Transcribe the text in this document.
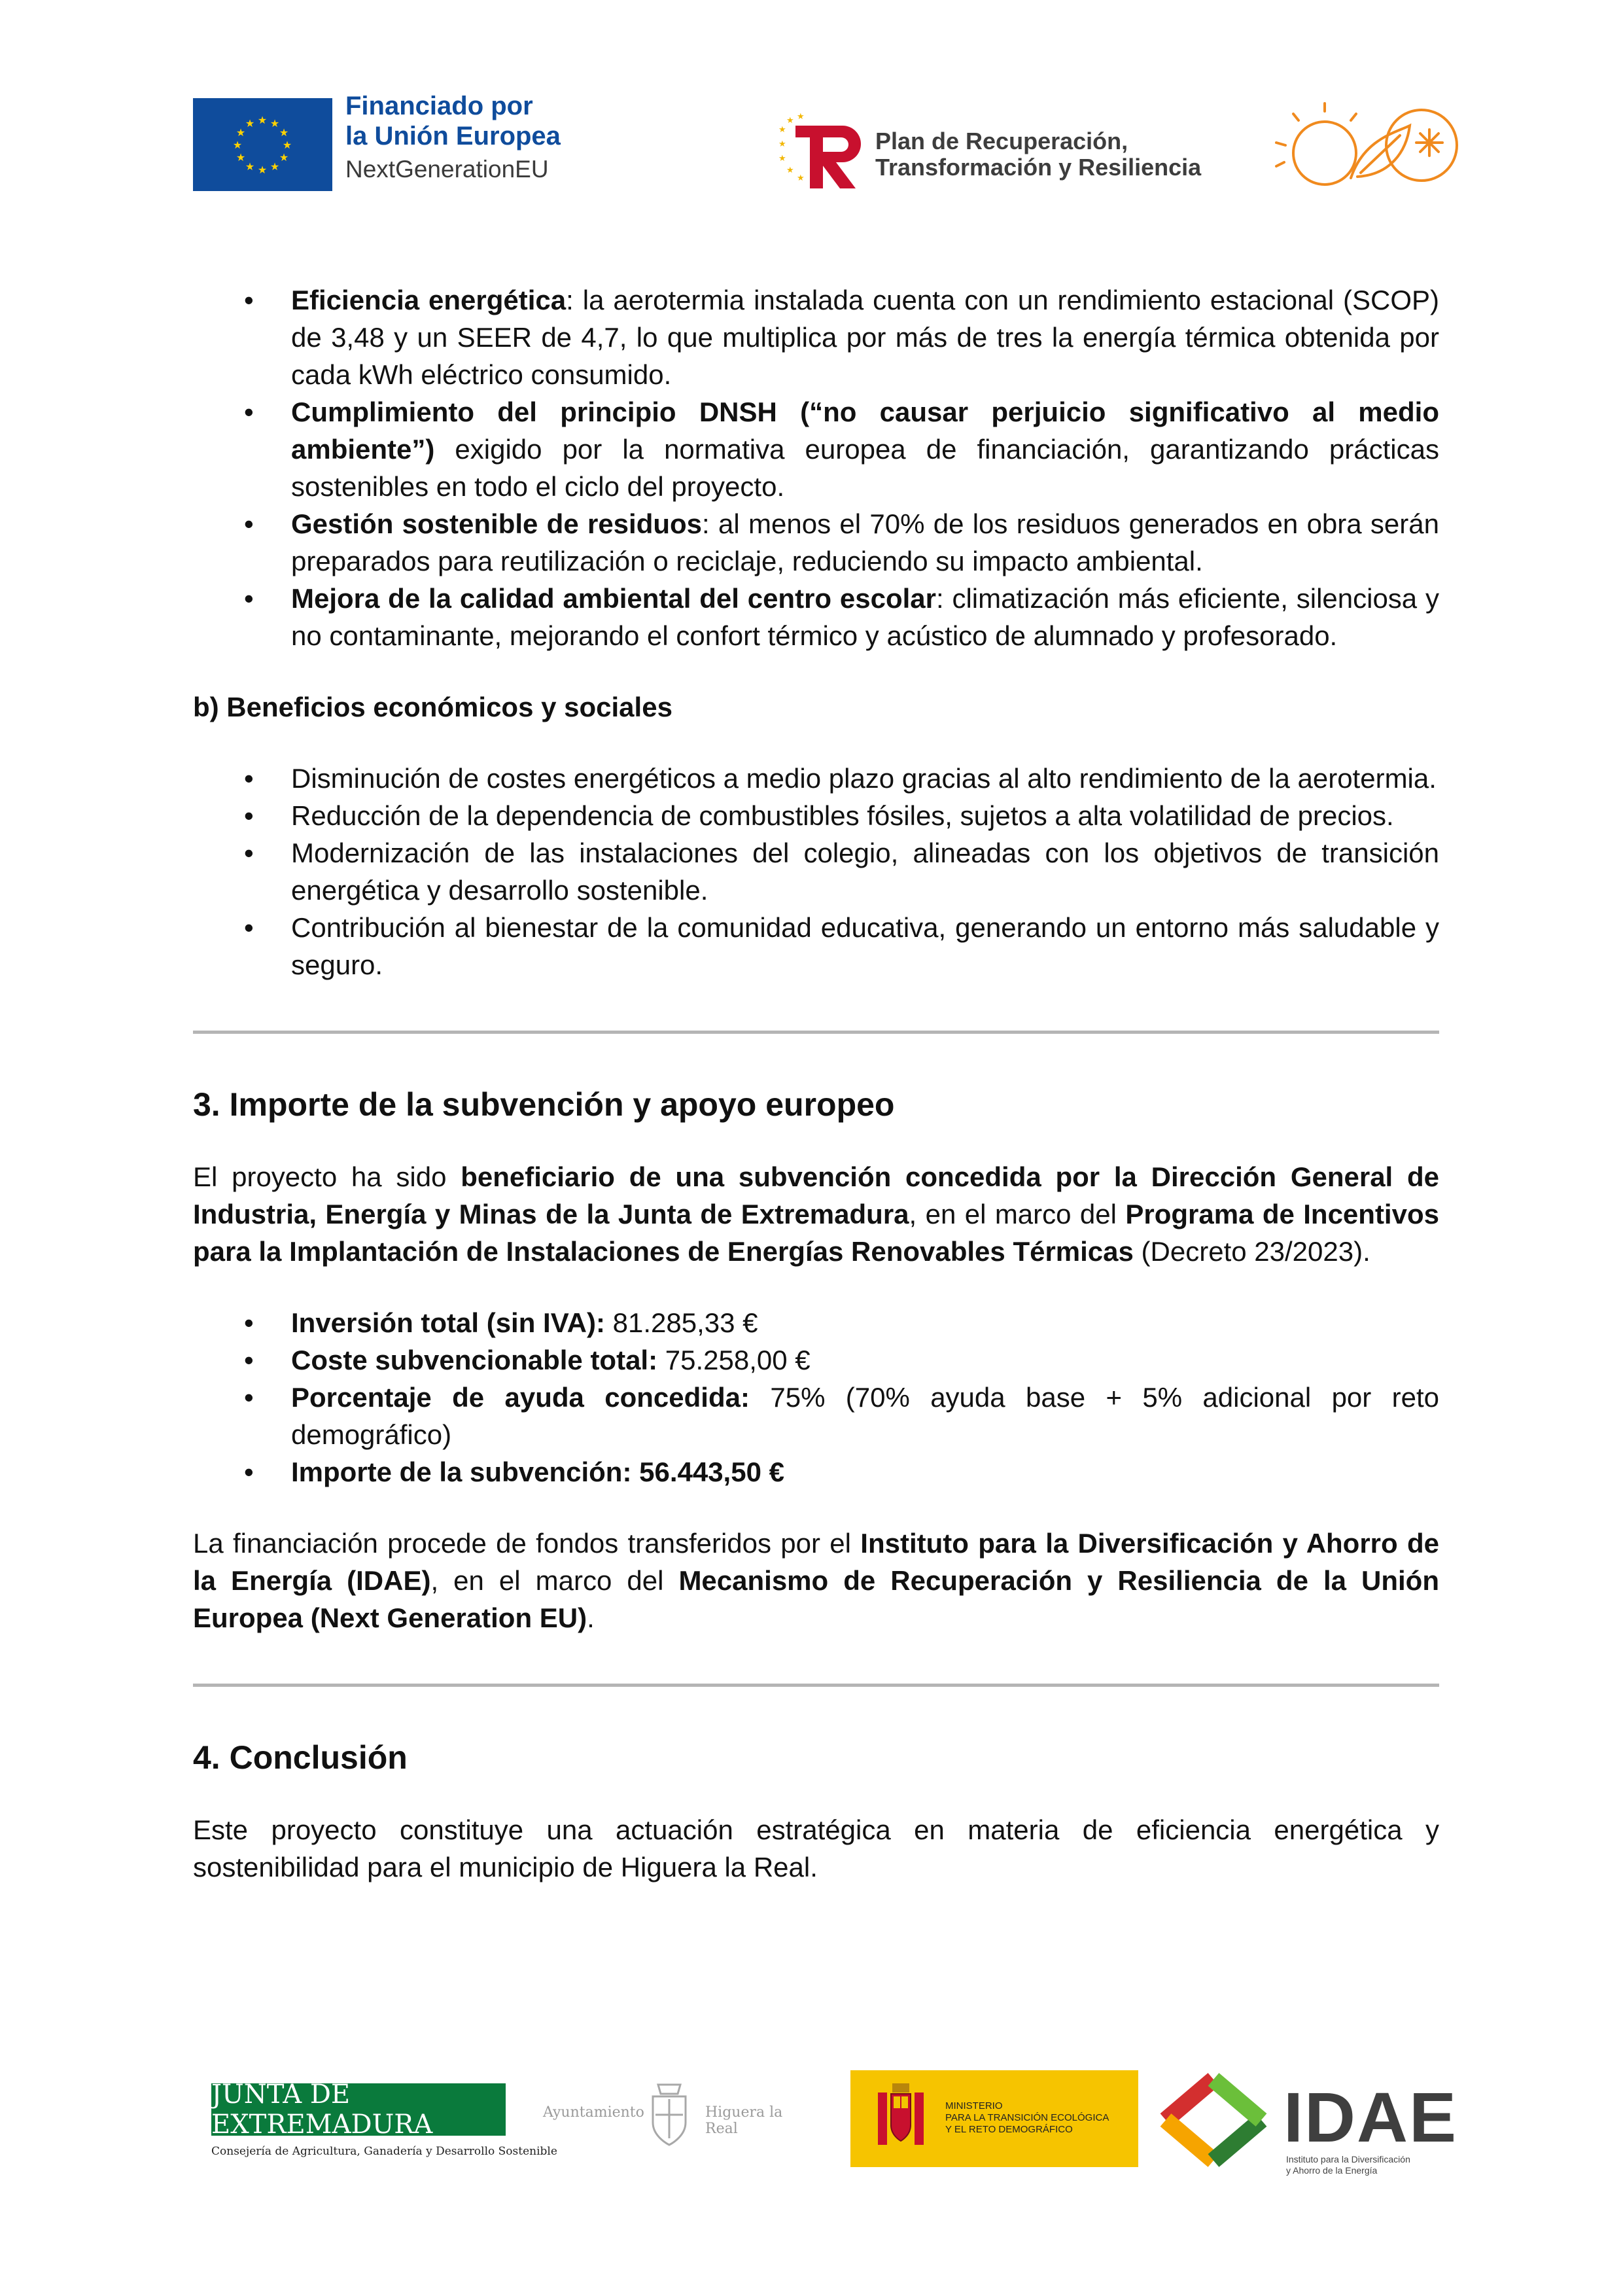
★ ★
★
★
★
★
★
★
★
★
★
★
Financiado por
la Unión Europea
NextGenerationEU
★
★ ★
★
★
★
★
Plan de Recuperación,
Transformación y Resiliencia
• Eficiencia energética: la aerotermia instalada cuenta con un rendimiento estacional (SCOP) de 3,48 y un SEER de 4,7, lo que multiplica por más de tres la energía térmica obtenida por cada kWh eléctrico consumido.
• Cumplimiento del principio DNSH (“no causar perjuicio significativo al medio ambiente”) exigido por la normativa europea de financiación, garantizando prácticas sostenibles en todo el ciclo del proyecto.
• Gestión sostenible de residuos: al menos el 70% de los residuos generados en obra serán preparados para reutilización o reciclaje, reduciendo su impacto ambiental.
• Mejora de la calidad ambiental del centro escolar: climatización más eficiente, silenciosa y no contaminante, mejorando el confort térmico y acústico de alumnado y profesorado.

b) Beneficios económicos y sociales

• Disminución de costes energéticos a medio plazo gracias al alto rendimiento de la aerotermia.
• Reducción de la dependencia de combustibles fósiles, sujetos a alta volatilidad de precios.
• Modernización de las instalaciones del colegio, alineadas con los objetivos de transición energética y desarrollo sostenible.
• Contribución al bienestar de la comunidad educativa, generando un entorno más saludable y seguro.
3. Importe de la subvención y apoyo europeo

El proyecto ha sido beneficiario de una subvención concedida por la Dirección General de Industria, Energía y Minas de la Junta de Extremadura, en el marco del Programa de Incentivos para la Implantación de Instalaciones de Energías Renovables Térmicas (Decreto 23/2023).

• Inversión total (sin IVA): 81.285,33 €
• Coste subvencionable total: 75.258,00 €
• Porcentaje de ayuda concedida: 75% (70% ayuda base + 5% adicional por reto demográfico)
• Importe de la subvención: 56.443,50 €

La financiación procede de fondos transferidos por el Instituto para la Diversificación y Ahorro de la Energía (IDAE), en el marco del Mecanismo de Recuperación y Resiliencia de la Unión Europea (Next Generation EU).

4. Conclusión

Este proyecto constituye una actuación estratégica en materia de eficiencia energética y sostenibilidad para el municipio de Higuera la Real.

JUNTA DE EXTREMADURA
Consejería de Agricultura, Ganadería y Desarrollo Sostenible
Ayuntamiento	Higuera la Real
MINISTERIO
PARA LA TRANSICIÓN ECOLÓGICA
Y EL RETO DEMOGRÁFICO	IDAE
Instituto para la Diversificación
y Ahorro de la Energía
